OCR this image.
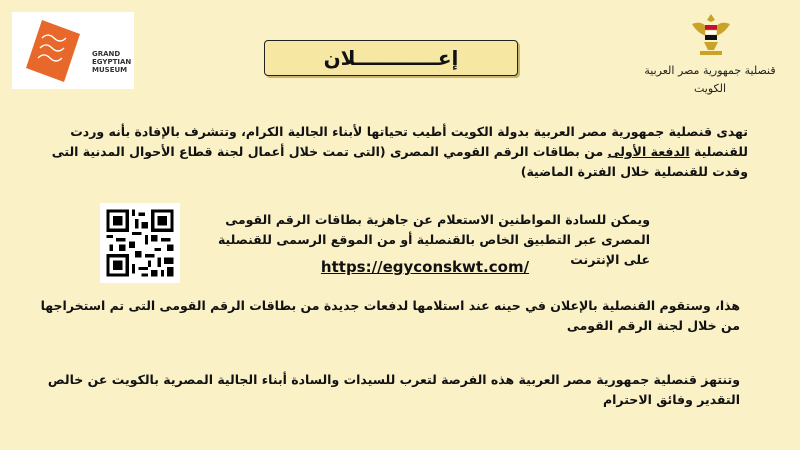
GRAND
EGYPTIAN
MUSEUM	إعــــــــــــلان
قنصلية جمهورية مصر العربية
الكويت

تهدى قنصلية جمهورية مصر العربية بدولة الكويت أطيب تحياتها لأبناء الجالية الكرام، وتتشرف بالإفادة بأنه وردت للقنصلية الدفعة الأولى من بطاقات الرقم القومي المصرى (التى تمت خلال أعمال لجنة قطاع الأحوال المدنية التى وفدت للقنصلية خلال الفترة الماضية)

ويمكن للسادة المواطنين الاستعلام عن جاهزية بطاقات الرقم القومى المصرى عبر التطبيق الخاص بالقنصلية أو من الموقع الرسمى للقنصلية على الإنترنت

https://egyconskwt.com/

هذا، وستقوم القنصلية بالإعلان في حينه عند استلامها لدفعات جديدة من بطاقات الرقم القومى التى تم استخراجها من خلال لجنة الرقم القومى

وتنتهز قنصلية جمهورية مصر العربية هذه الفرصة لتعرب للسيدات والسادة أبناء الجالية المصرية بالكويت عن خالص التقدير وفائق الاحترام
